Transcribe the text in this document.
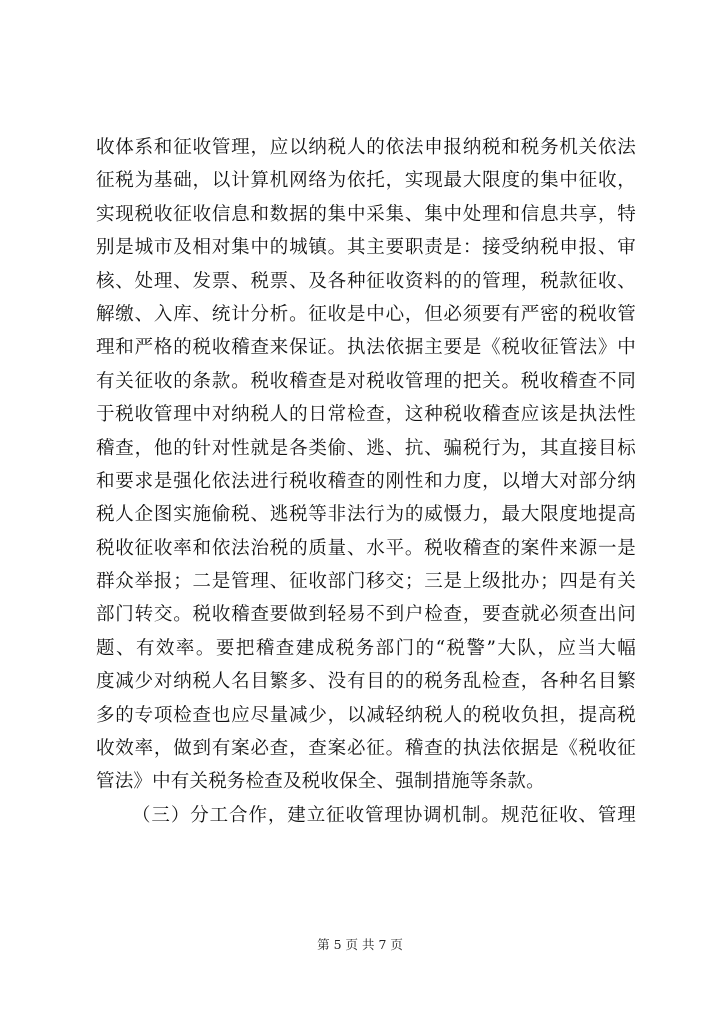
收体系和征收管理，应以纳税人的依法申报纳税和税务机关依法
征税为基础，以计算机网络为依托，实现最大限度的集中征收，
实现税收征收信息和数据的集中采集、集中处理和信息共享，特
别是城市及相对集中的城镇。其主要职责是：接受纳税申报、审
核、处理、发票、税票、及各种征收资料的的管理，税款征收、
解缴、入库、统计分析。征收是中心，但必须要有严密的税收管
理和严格的税收稽查来保证。执法依据主要是《税收征管法》中
有关征收的条款。税收稽查是对税收管理的把关。税收稽查不同
于税收管理中对纳税人的日常检查，这种税收稽查应该是执法性
稽查，他的针对性就是各类偷、逃、抗、骗税行为，其直接目标
和要求是强化依法进行税收稽查的刚性和力度，以增大对部分纳
税人企图实施偷税、逃税等非法行为的威慑力，最大限度地提高
税收征收率和依法治税的质量、水平。税收稽查的案件来源一是
群众举报；二是管理、征收部门移交；三是上级批办；四是有关
部门转交。税收稽查要做到轻易不到户检查，要查就必须查出问
题、有效率。要把稽查建成税务部门的“税警”大队，应当大幅
度减少对纳税人名目繁多、没有目的的税务乱检查，各种名目繁
多的专项检查也应尽量减少，以减轻纳税人的税收负担，提高税
收效率，做到有案必查，查案必征。稽查的执法依据是《税收征
管法》中有关税务检查及税收保全、强制措施等条款。
（三）分工合作，建立征收管理协调机制。规范征收、管理
第 5 页 共 7 页
